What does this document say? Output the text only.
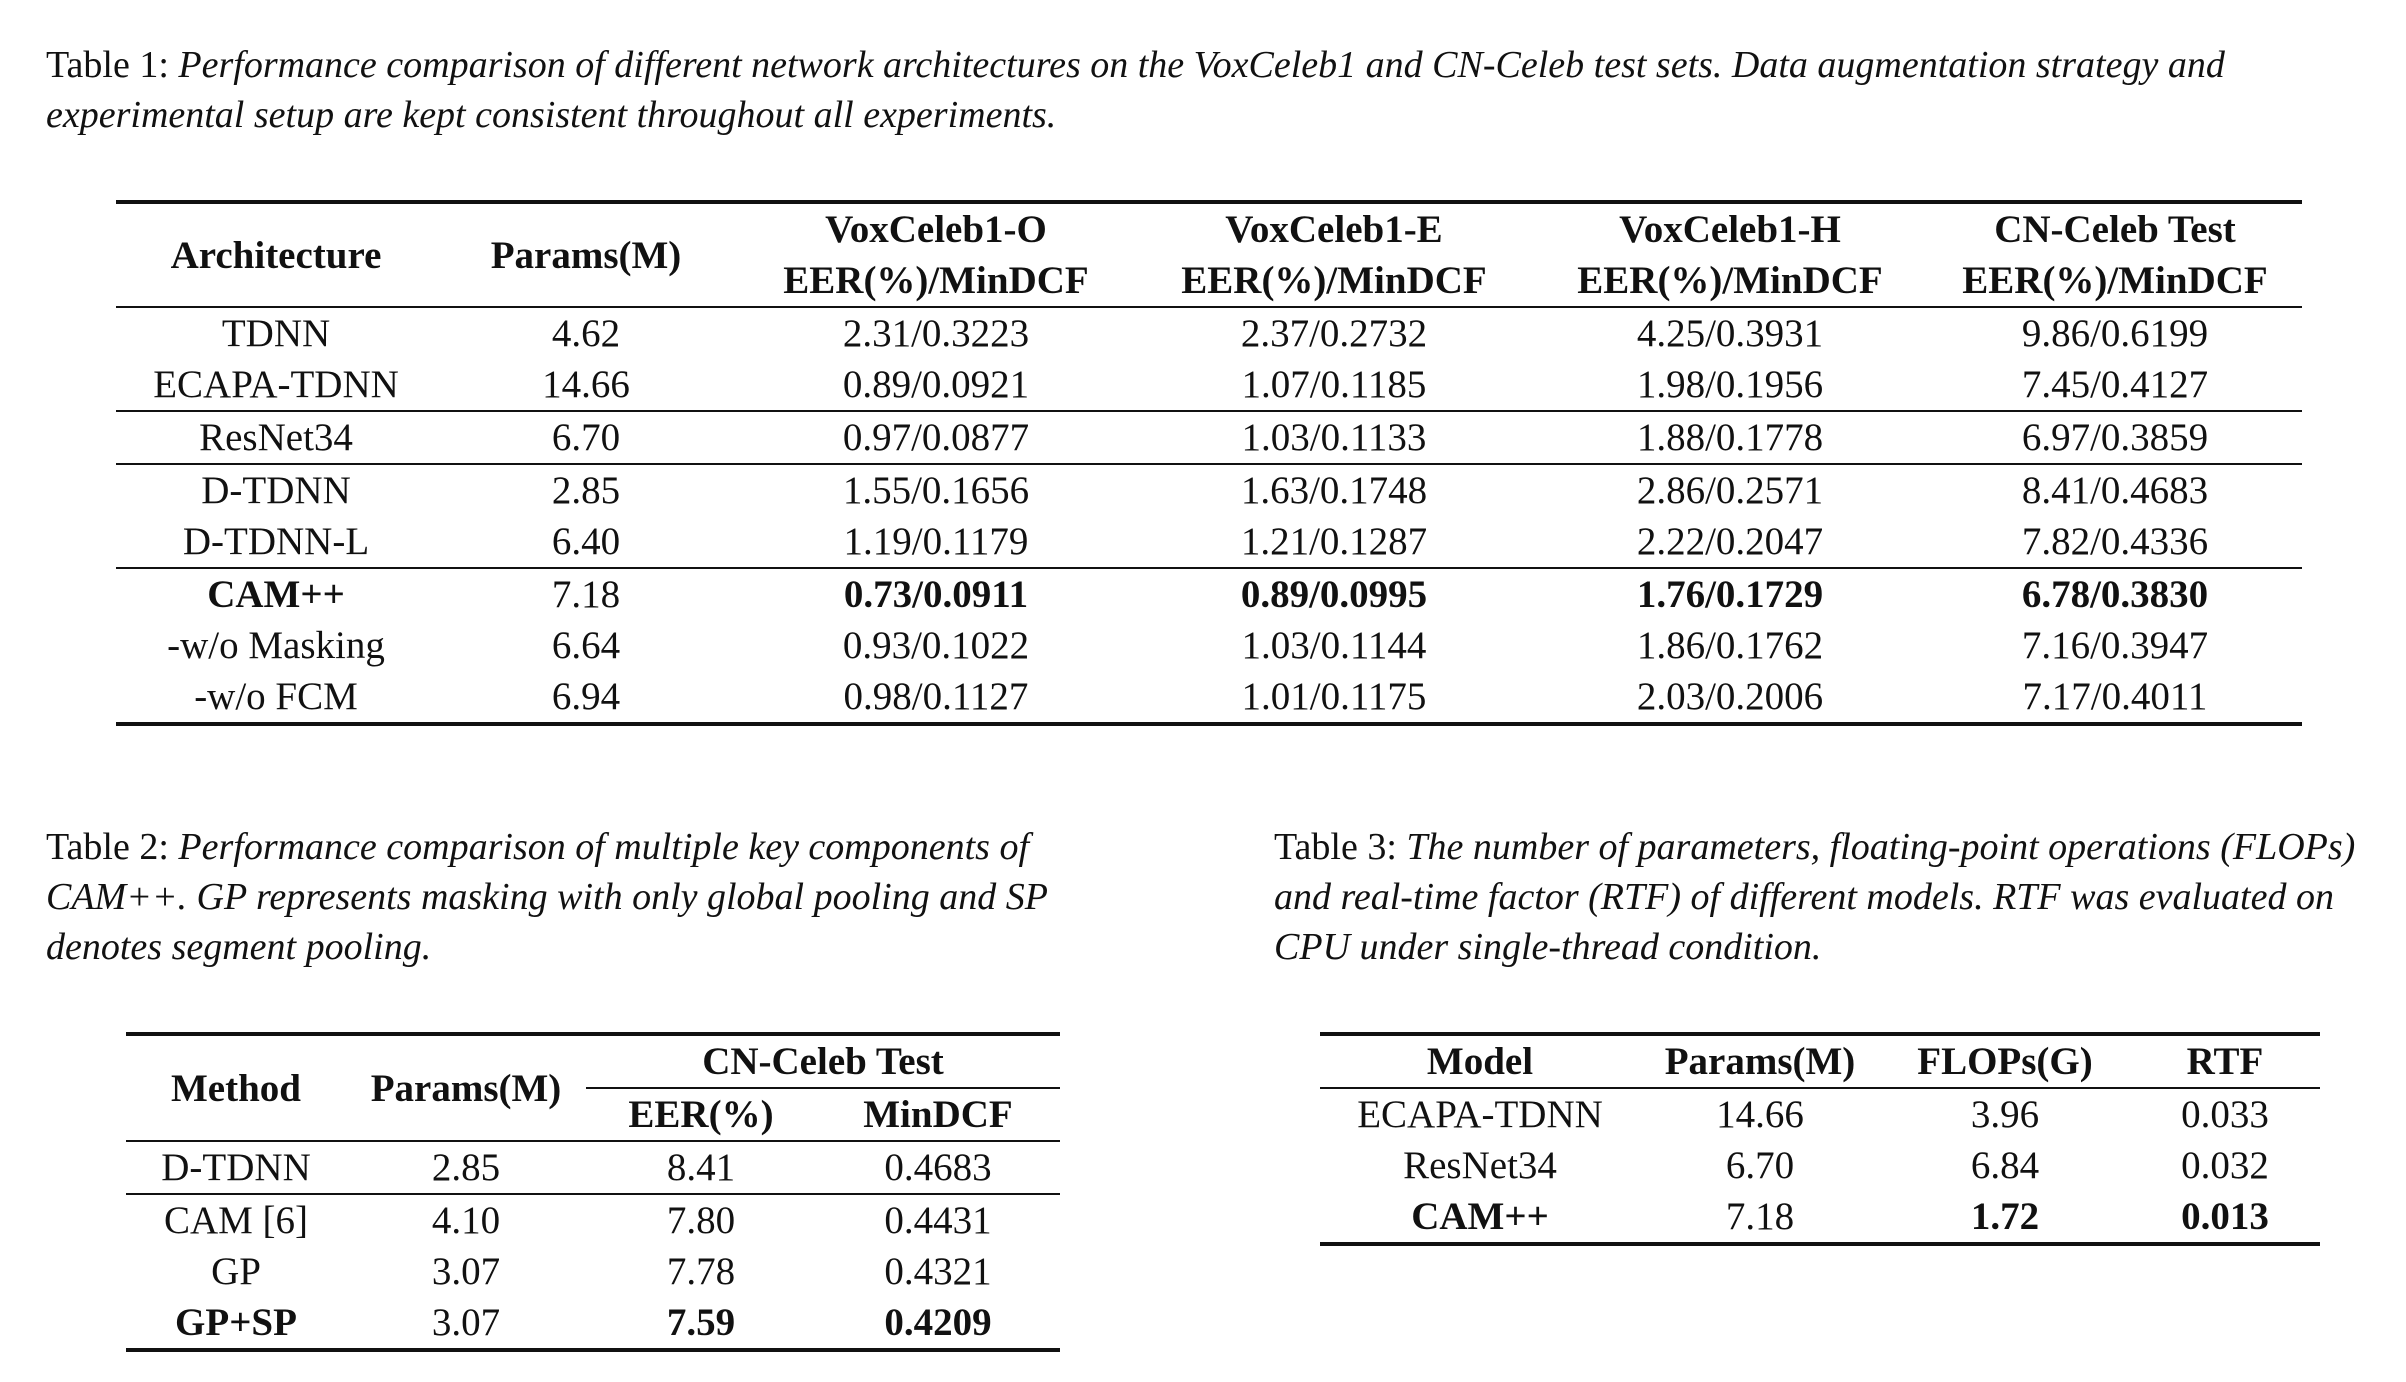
Table 1: Performance comparison of different network architectures on the VoxCeleb1 and CN-Celeb test sets. Data augmentation strategy and experimental setup are kept consistent throughout all experiments.

Architecture	Params(M)	VoxCeleb1-O	VoxCeleb1-E	VoxCeleb1-H	CN-Celeb Test
		EER(%)/MinDCF	EER(%)/MinDCF	EER(%)/MinDCF	EER(%)/MinDCF
TDNN	4.62	2.31/0.3223	2.37/0.2732	4.25/0.3931	9.86/0.6199
ECAPA-TDNN	14.66	0.89/0.0921	1.07/0.1185	1.98/0.1956	7.45/0.4127
ResNet34	6.70	0.97/0.0877	1.03/0.1133	1.88/0.1778	6.97/0.3859
D-TDNN	2.85	1.55/0.1656	1.63/0.1748	2.86/0.2571	8.41/0.4683
D-TDNN-L	6.40	1.19/0.1179	1.21/0.1287	2.22/0.2047	7.82/0.4336
CAM++	7.18	0.73/0.0911	0.89/0.0995	1.76/0.1729	6.78/0.3830
-w/o Masking	6.64	0.93/0.1022	1.03/0.1144	1.86/0.1762	7.16/0.3947
-w/o FCM	6.94	0.98/0.1127	1.01/0.1175	2.03/0.2006	7.17/0.4011

Table 2: Performance comparison of multiple key components of CAM++. GP represents masking with only global pooling and SP denotes segment pooling.

Method	Params(M)	CN-Celeb Test	
		EER(%)	MinDCF
D-TDNN	2.85	8.41	0.4683
CAM [6]	4.10	7.80	0.4431
GP	3.07	7.78	0.4321
GP+SP	3.07	7.59	0.4209

Table 3: The number of parameters, floating-point operations (FLOPs) and real-time factor (RTF) of different models. RTF was evaluated on CPU under single-thread condition.

Model	Params(M)	FLOPs(G)	RTF
ECAPA-TDNN	14.66	3.96	0.033
ResNet34	6.70	6.84	0.032
CAM++	7.18	1.72	0.013
